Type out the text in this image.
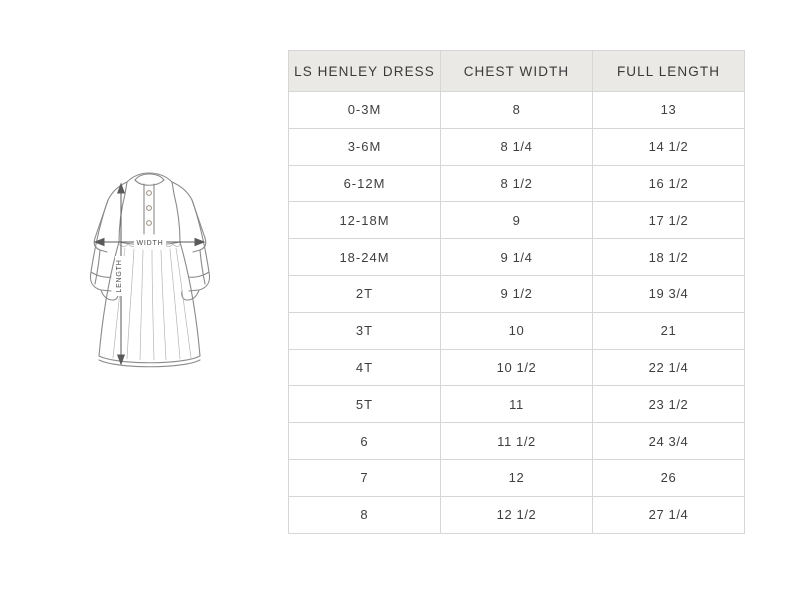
WIDTH
LENGTH
LS HENLEY DRESS	CHEST WIDTH	FULL LENGTH
0-3M	8	13
3-6M	8 1/4	14 1/2
6-12M	8 1/2	16 1/2
12-18M	9	17 1/2
18-24M	9 1/4	18 1/2
2T	9 1/2	19 3/4
3T	10	21
4T	10 1/2	22 1/4
5T	11	23 1/2
6	11 1/2	24 3/4
7	12	26
8	12 1/2	27 1/4
